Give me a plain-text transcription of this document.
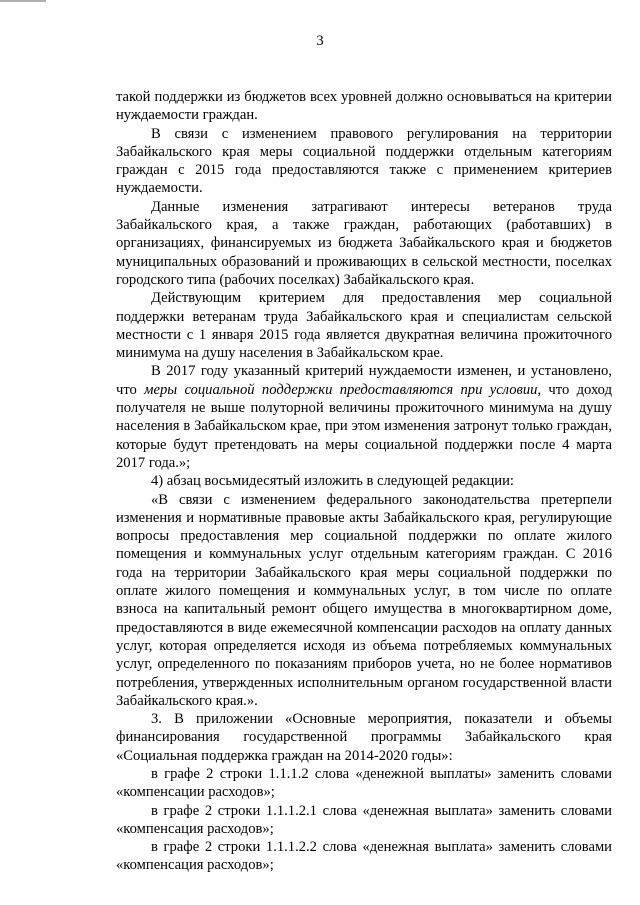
3

такой поддержки из бюджетов всех уровней должно основываться на критерии нуждаемости граждан.

В связи с изменением правового регулирования на территории Забайкальского края меры социальной поддержки отдельным категориям граждан с 2015 года предоставляются также с применением критериев нуждаемости.

Данные изменения затрагивают интересы ветеранов труда Забайкальского края, а также граждан, работающих (работавших) в организациях, финансируемых из бюджета Забайкальского края и бюджетов муниципальных образований и проживающих в сельской местности, поселках городского типа (рабочих поселках) Забайкальского края.

Действующим критерием для предоставления мер социальной поддержки ветеранам труда Забайкальского края и специалистам сельской местности с 1 января 2015 года является двукратная величина прожиточного минимума на душу населения в Забайкальском крае.

В 2017 году указанный критерий нуждаемости изменен, и установлено, что меры социальной поддержки предоставляются при условии, что доход получателя не выше полуторной величины прожиточного минимума на душу населения в Забайкальском крае, при этом изменения затронут только граждан, которые будут претендовать на меры социальной поддержки после 4 марта 2017 года.»;

4) абзац восьмидесятый изложить в следующей редакции:

«В связи с изменением федерального законодательства претерпели изменения и нормативные правовые акты Забайкальского края, регулирующие вопросы предоставления мер социальной поддержки по оплате жилого помещения и коммунальных услуг отдельным категориям граждан. С 2016 года на территории Забайкальского края меры социальной поддержки по оплате жилого помещения и коммунальных услуг, в том числе по оплате взноса на капитальный ремонт общего имущества в многоквартирном доме, предоставляются в виде ежемесячной компенсации расходов на оплату данных услуг, которая определяется исходя из объема потребляемых коммунальных услуг, определенного по показаниям приборов учета, но не более нормативов потребления, утвержденных исполнительным органом государственной власти Забайкальского края.».

3. В приложении «Основные мероприятия, показатели и объемы финансирования государственной программы Забайкальского края «Социальная поддержка граждан на 2014-2020 годы»:

в графе 2 строки 1.1.1.2 слова «денежной выплаты» заменить словами «компенсации расходов»;

в графе 2 строки 1.1.1.2.1 слова «денежная выплата» заменить словами «компенсация расходов»;

в графе 2 строки 1.1.1.2.2 слова «денежная выплата» заменить словами «компенсация расходов»;
